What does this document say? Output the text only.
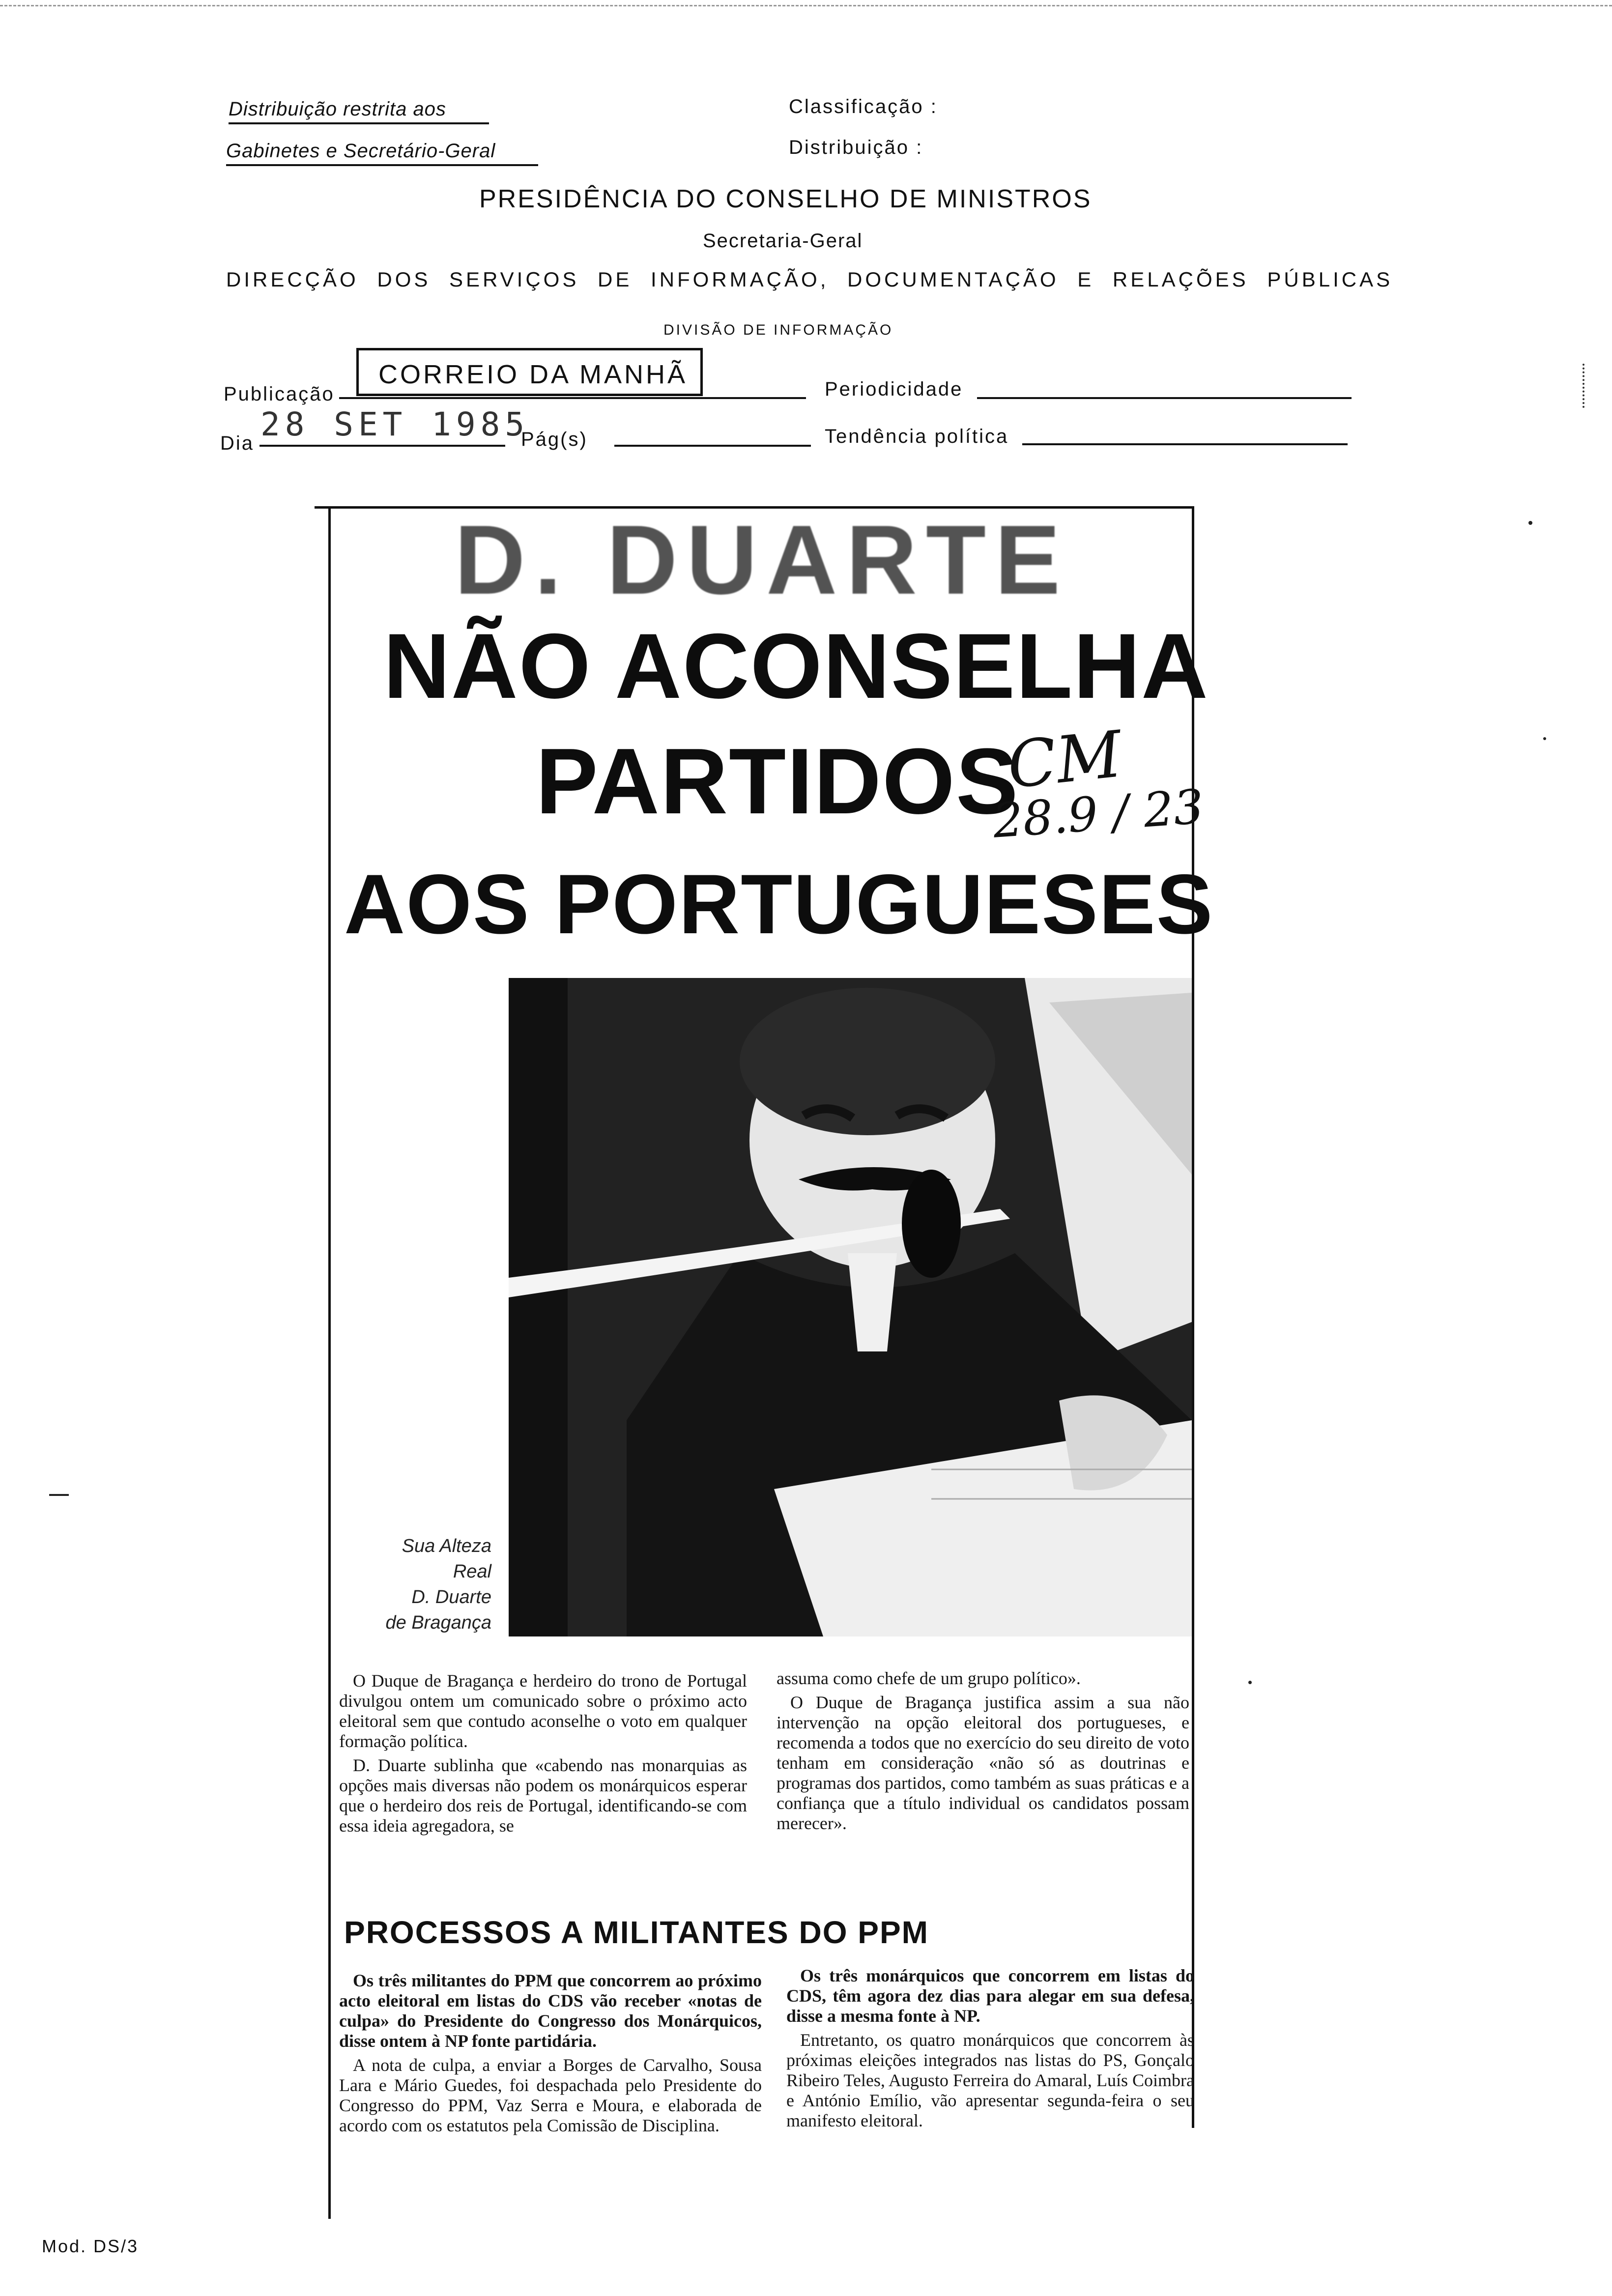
Distribuição restrita aos
Gabinetes e Secretário-Geral
Classificação :
Distribuição :
PRESIDÊNCIA DO CONSELHO DE MINISTROS
Secretaria-Geral
DIRECÇÃO DOS SERVIÇOS DE INFORMAÇÃO, DOCUMENTAÇÃO E RELAÇÕES PÚBLICAS
DIVISÃO DE INFORMAÇÃO
Publicação
CORREIO DA MANHÃ	Periodicidade
Dia 28 SET 1985
Pág(s)	Tendência política
D. DUARTE
NÃO ACONSELHA
PARTIDOS
AOS PORTUGUESES
CM
28.9 / 23
Sua Alteza
Real
D. Duarte
de Bragança

O Duque de Bragança e herdeiro do trono de Portugal divulgou ontem um comunicado sobre o próximo acto eleitoral sem que contudo aconselhe o voto em qualquer formação política.

D. Duarte sublinha que «cabendo nas monarquias as opções mais diversas não podem os monárquicos esperar que o herdeiro dos reis de Portugal, identificando-se com essa ideia agregadora, se

assuma como chefe de um grupo político».

O Duque de Bragança justifica assim a sua não intervenção na opção eleitoral dos portugueses, e recomenda a todos que no exercício do seu direito de voto tenham em consideração «não só as doutrinas e programas dos partidos, como também as suas práticas e a confiança que a título individual os candidatos possam merecer».

PROCESSOS A MILITANTES DO PPM

Os três militantes do PPM que concorrem ao próximo acto eleitoral em listas do CDS vão receber «notas de culpa» do Presidente do Congresso dos Monárquicos, disse ontem à NP fonte partidária.

A nota de culpa, a enviar a Borges de Carvalho, Sousa Lara e Mário Guedes, foi despachada pelo Presidente do Congresso do PPM, Vaz Serra e Moura, e elaborada de acordo com os estatutos pela Comissão de Disciplina.

Os três monárquicos que concorrem em listas do CDS, têm agora dez dias para alegar em sua defesa, disse a mesma fonte à NP.

Entretanto, os quatro monárquicos que concorrem às próximas eleições integrados nas listas do PS, Gonçalo Ribeiro Teles, Augusto Ferreira do Amaral, Luís Coimbra e António Emílio, vão apresentar segunda-feira o seu manifesto eleitoral.

Mod. DS/3
